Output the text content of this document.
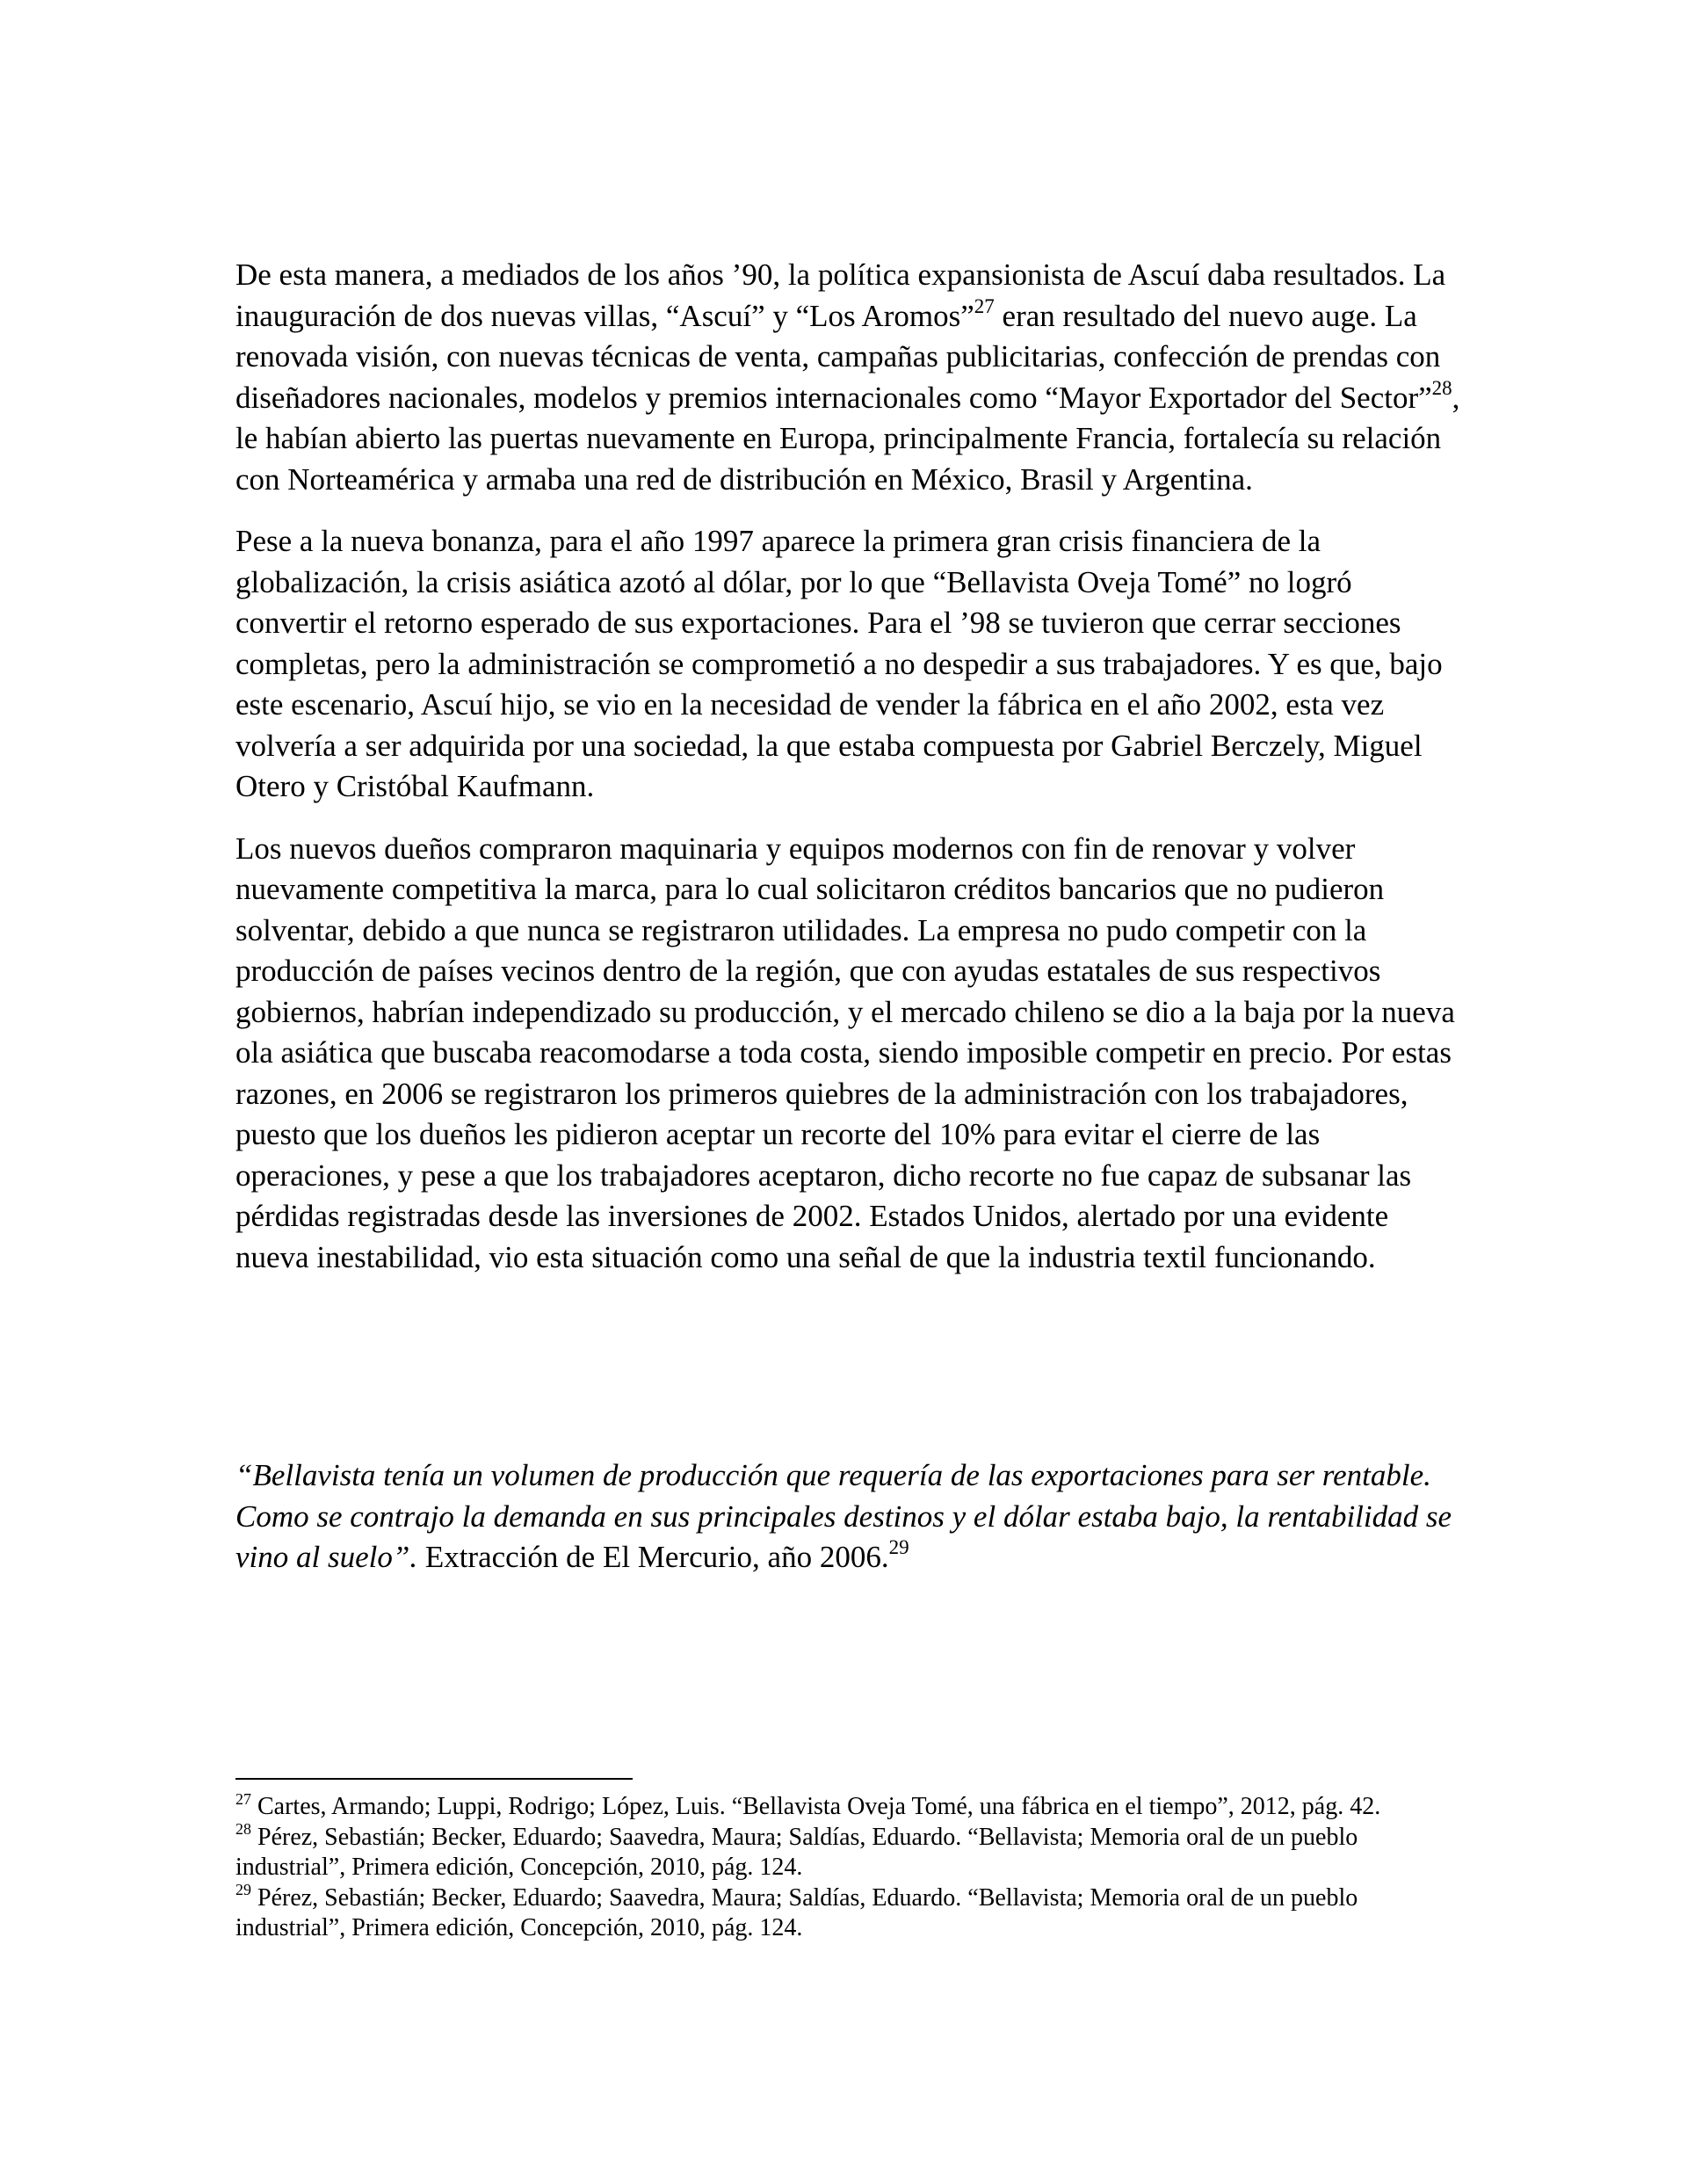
De esta manera, a mediados de los años ’90, la política expansionista de Ascuí daba resultados. La inauguración de dos nuevas villas, “Ascuí” y “Los Aromos”$^{27}$ eran resultado del nuevo auge. La renovada visión, con nuevas técnicas de venta, campañas publicitarias, confección de prendas con diseñadores nacionales, modelos y premios internacionales como “Mayor Exportador del Sector”$^{28}$, le habían abierto las puertas nuevamente en Europa, principalmente Francia, fortalecía su relación con Norteamérica y armaba una red de distribución en México, Brasil y Argentina.

Pese a la nueva bonanza, para el año 1997 aparece la primera gran crisis financiera de la globalización, la crisis asiática azotó al dólar, por lo que “Bellavista Oveja Tomé” no logró convertir el retorno esperado de sus exportaciones. Para el ’98 se tuvieron que cerrar secciones completas, pero la administración se comprometió a no despedir a sus trabajadores. Y es que, bajo este escenario, Ascuí hijo, se vio en la necesidad de vender la fábrica en el año 2002, esta vez volvería a ser adquirida por una sociedad, la que estaba compuesta por Gabriel Berczely, Miguel Otero y Cristóbal Kaufmann.

Los nuevos dueños compraron maquinaria y equipos modernos con fin de renovar y volver nuevamente competitiva la marca, para lo cual solicitaron créditos bancarios que no pudieron solventar, debido a que nunca se registraron utilidades. La empresa no pudo competir con la producción de países vecinos dentro de la región, que con ayudas estatales de sus respectivos gobiernos, habrían independizado su producción, y el mercado chileno se dio a la baja por la nueva ola asiática que buscaba reacomodarse a toda costa, siendo imposible competir en precio. Por estas razones, en 2006 se registraron los primeros quiebres de la administración con los trabajadores, puesto que los dueños les pidieron aceptar un recorte del 10% para evitar el cierre de las operaciones, y pese a que los trabajadores aceptaron, dicho recorte no fue capaz de subsanar las pérdidas registradas desde las inversiones de 2002. Estados Unidos, alertado por una evidente nueva inestabilidad, vio esta situación como una señal de que la industria textil funcionando.

“Bellavista tenía un volumen de producción que requería de las exportaciones para ser rentable. Como se contrajo la demanda en sus principales destinos y el dólar estaba bajo, la rentabilidad se vino al suelo”. Extracción de El Mercurio, año 2006.29

$^{27}$ Cartes, Armando; Luppi, Rodrigo; López, Luis. “Bellavista Oveja Tomé, una fábrica en el tiempo”, 2012, pág. 42.

$^{28}$ Pérez, Sebastián; Becker, Eduardo; Saavedra, Maura; Saldías, Eduardo. “Bellavista; Memoria oral de un pueblo industrial”, Primera edición, Concepción, 2010, pág. 124.

$^{29}$ Pérez, Sebastián; Becker, Eduardo; Saavedra, Maura; Saldías, Eduardo. “Bellavista; Memoria oral de un pueblo industrial”, Primera edición, Concepción, 2010, pág. 124.
